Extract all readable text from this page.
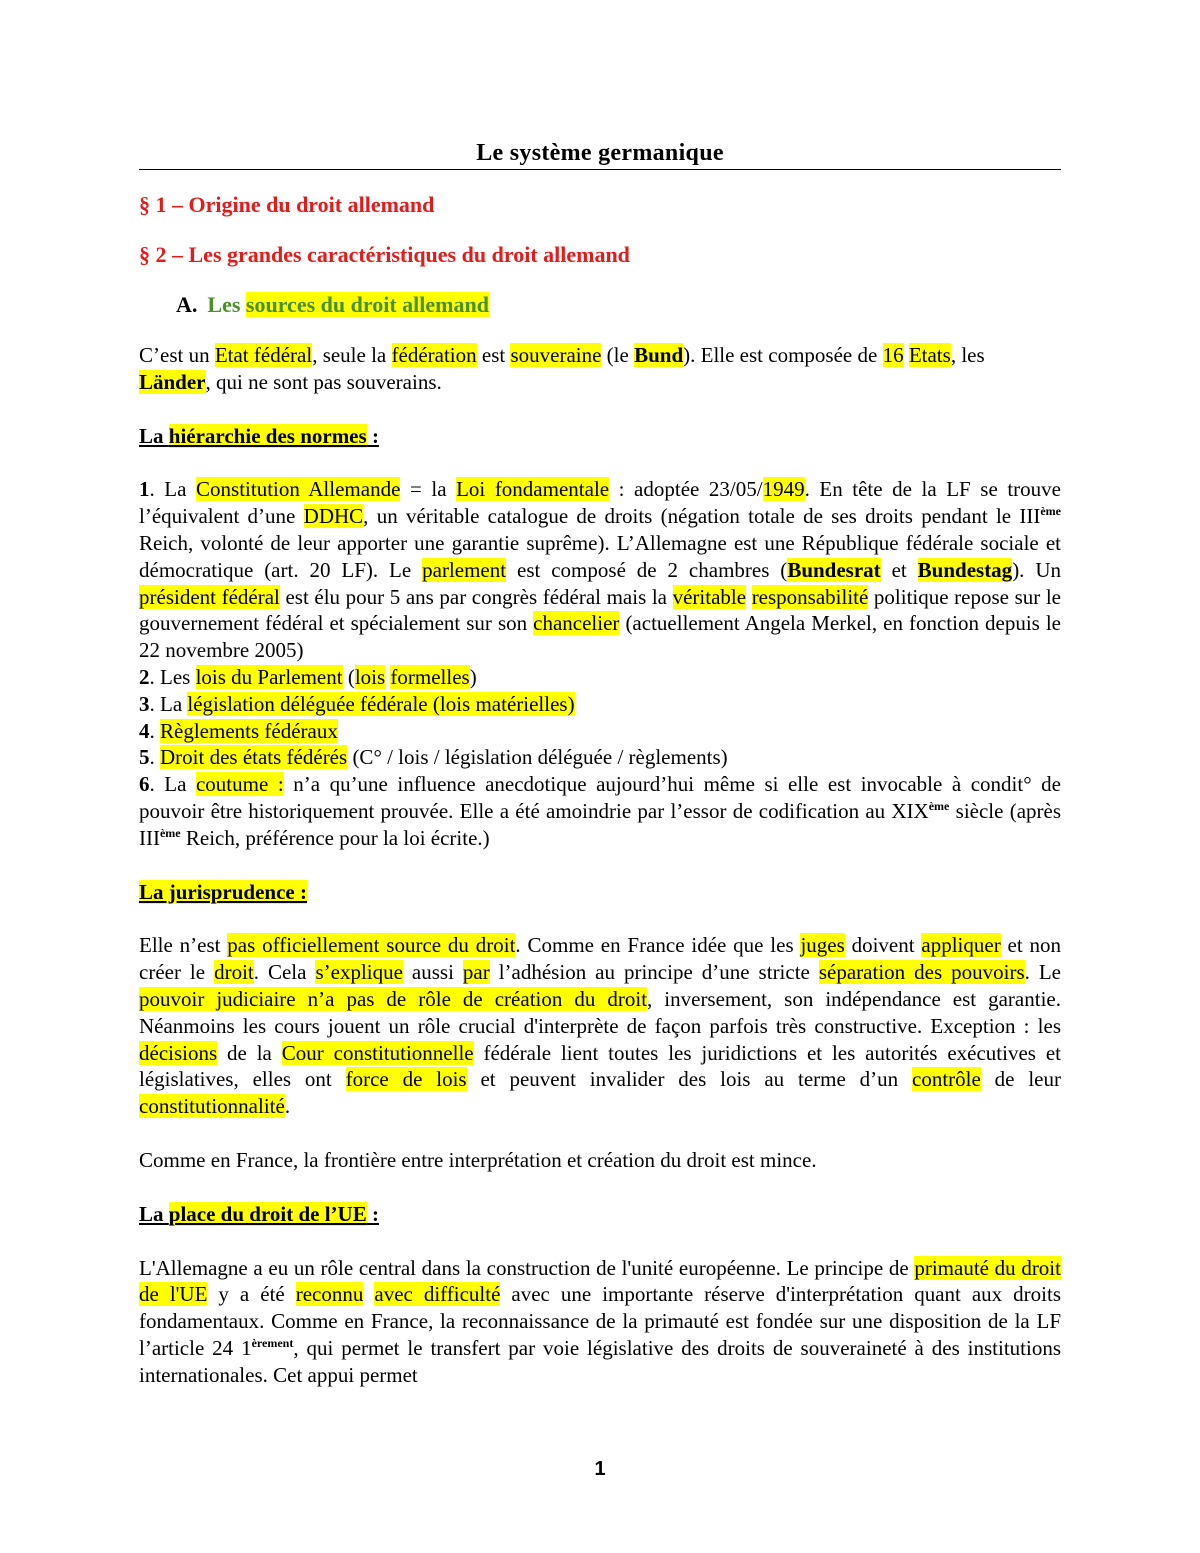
Le système germanique
§ 1 – Origine du droit allemand
§ 2 – Les grandes caractéristiques du droit allemand
A. Les sources du droit allemand

C’est un Etat fédéral, seule la fédération est souveraine (le Bund). Elle est composée de 16 Etats, les Länder, qui ne sont pas souverains.

La hiérarchie des normes :

1. La Constitution Allemande = la Loi fondamentale : adoptée 23/05/1949. En tête de la LF se trouve l’équivalent d’une DDHC, un véritable catalogue de droits (négation totale de ses droits pendant le IIIème Reich, volonté de leur apporter une garantie suprême). L’Allemagne est une République fédérale sociale et démocratique (art. 20 LF). Le parlement est composé de 2 chambres (Bundesrat et Bundestag). Un président fédéral est élu pour 5 ans par congrès fédéral mais la véritable responsabilité politique repose sur le gouvernement fédéral et spécialement sur son chancelier (actuellement Angela Merkel, en fonction depuis le 22 novembre 2005)

2. Les lois du Parlement (lois formelles)

3. La législation déléguée fédérale (lois matérielles)

4. Règlements fédéraux

5. Droit des états fédérés (C° / lois / législation déléguée / règlements)

6. La coutume : n’a qu’une influence anecdotique aujourd’hui même si elle est invocable à condit° de pouvoir être historiquement prouvée. Elle a été amoindrie par l’essor de codification au XIXème siècle (après IIIème Reich, préférence pour la loi écrite.)

La jurisprudence :

Elle n’est pas officiellement source du droit. Comme en France idée que les juges doivent appliquer et non créer le droit. Cela s’explique aussi par l’adhésion au principe d’une stricte séparation des pouvoirs. Le pouvoir judiciaire n’a pas de rôle de création du droit, inversement, son indépendance est garantie. Néanmoins les cours jouent un rôle crucial d'interprète de façon parfois très constructive. Exception : les décisions de la Cour constitutionnelle fédérale lient toutes les juridictions et les autorités exécutives et législatives, elles ont force de lois et peuvent invalider des lois au terme d’un contrôle de leur constitutionnalité.

Comme en France, la frontière entre interprétation et création du droit est mince.

La place du droit de l’UE :

L'Allemagne a eu un rôle central dans la construction de l'unité européenne. Le principe de primauté du droit de l'UE y a été reconnu avec difficulté avec une importante réserve d'interprétation quant aux droits fondamentaux. Comme en France, la reconnaissance de la primauté est fondée sur une disposition de la LF l’article 24 $1^{èrement}$, qui permet le transfert par voie législative des droits de souveraineté à des institutions internationales. Cet appui permet

1
